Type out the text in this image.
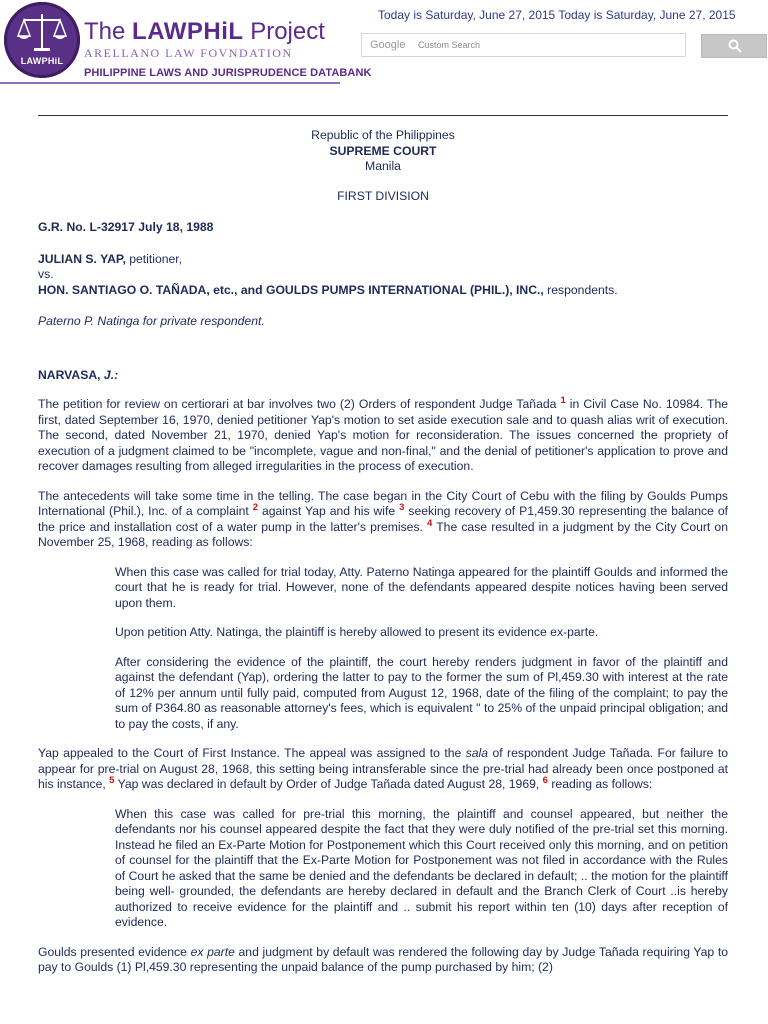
LAWPHiL
The LAWPHiL Project
ARELLANO LAW FOVNDATION
PHILIPPINE LAWS AND JURISPRUDENCE DATABANK
Today is Saturday, June 27, 2015 Today is Saturday, June 27, 2015
Google Custom Search
Republic of the Philippines
SUPREME COURT
Manila
FIRST DIVISION
G.R. No. L-32917 July 18, 1988
JULIAN S. YAP, petitioner,
vs.
HON. SANTIAGO O. TAÑADA, etc., and GOULDS PUMPS INTERNATIONAL (PHIL.), INC., respondents.
Paterno P. Natinga for private respondent.
NARVASA, J.:

The petition for review on certiorari at bar involves two (2) Orders of respondent Judge Tañada $^1$ in Civil Case No. 10984. The first, dated September 16, 1970, denied petitioner Yap's motion to set aside execution sale and to quash alias writ of execution. The second, dated November 21, 1970, denied Yap's motion for reconsideration. The issues concerned the propriety of execution of a judgment claimed to be "incomplete, vague and non-final," and the denial of petitioner's application to prove and recover damages resulting from alleged irregularities in the process of execution.

The antecedents will take some time in the telling. The case began in the City Court of Cebu with the filing by Goulds Pumps International (Phil.), Inc. of a complaint $^2$ against Yap and his wife $^3$ seeking recovery of P1,459.30 representing the balance of the price and installation cost of a water pump in the latter's premises. $^4$ The case resulted in a judgment by the City Court on November 25, 1968, reading as follows:

When this case was called for trial today, Atty. Paterno Natinga appeared for the plaintiff Goulds and informed the court that he is ready for trial. However, none of the defendants appeared despite notices having been served upon them.

Upon petition Atty. Natinga, the plaintiff is hereby allowed to present its evidence ex-parte.

After considering the evidence of the plaintiff, the court hereby renders judgment in favor of the plaintiff and against the defendant (Yap), ordering the latter to pay to the former the sum of Pl,459.30 with interest at the rate of 12% per annum until fully paid, computed from August 12, 1968, date of the filing of the complaint; to pay the sum of P364.80 as reasonable attorney's fees, which is equivalent " to 25% of the unpaid principal obligation; and to pay the costs, if any.

Yap appealed to the Court of First Instance. The appeal was assigned to the sala of respondent Judge Tañada. For failure to appear for pre-trial on August 28, 1968, this setting being intransferable since the pre-trial had already been once postponed at his instance, $^5$ Yap was declared in default by Order of Judge Tañada dated August 28, 1969, $^6$ reading as follows:

When this case was called for pre-trial this morning, the plaintiff and counsel appeared, but neither the defendants nor his counsel appeared despite the fact that they were duly notified of the pre-trial set this morning. Instead he filed an Ex-Parte Motion for Postponement which this Court received only this morning, and on petition of counsel for the plaintiff that the Ex-Parte Motion for Postponement was not filed in accordance with the Rules of Court he asked that the same be denied and the defendants be declared in default; .. the motion for the plaintiff being well- grounded, the defendants are hereby declared in default and the Branch Clerk of Court ..is hereby authorized to receive evidence for the plaintiff and .. submit his report within ten (10) days after reception of evidence.

Goulds presented evidence ex parte and judgment by default was rendered the following day by Judge Tañada requiring Yap to pay to Goulds (1) Pl,459.30 representing the unpaid balance of the pump purchased by him; (2)
